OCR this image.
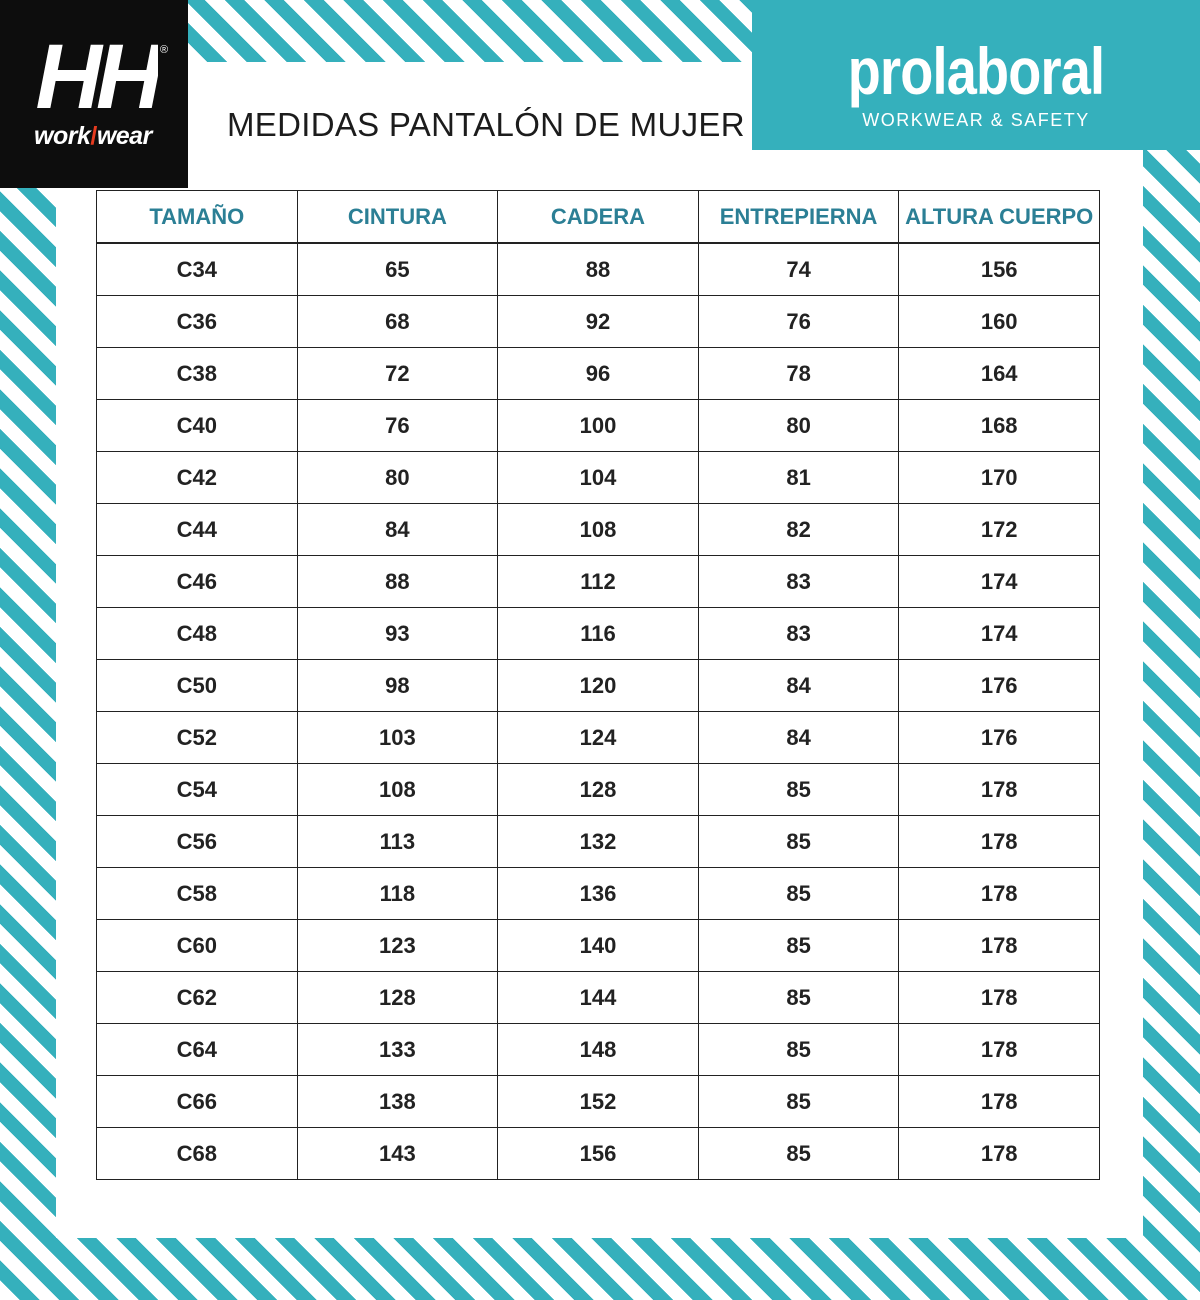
HH ®
work/wear MEDIDAS PANTALÓN DE MUJER
prolaboral
WORKWEAR & SAFETY
TAMAÑO	CINTURA	CADERA	ENTREPIERNA	ALTURA CUERPO
C34	65	88	74	156
C36	68	92	76	160
C38	72	96	78	164
C40	76	100	80	168
C42	80	104	81	170
C44	84	108	82	172
C46	88	112	83	174
C48	93	116	83	174
C50	98	120	84	176
C52	103	124	84	176
C54	108	128	85	178
C56	113	132	85	178
C58	118	136	85	178
C60	123	140	85	178
C62	128	144	85	178
C64	133	148	85	178
C66	138	152	85	178
C68	143	156	85	178
